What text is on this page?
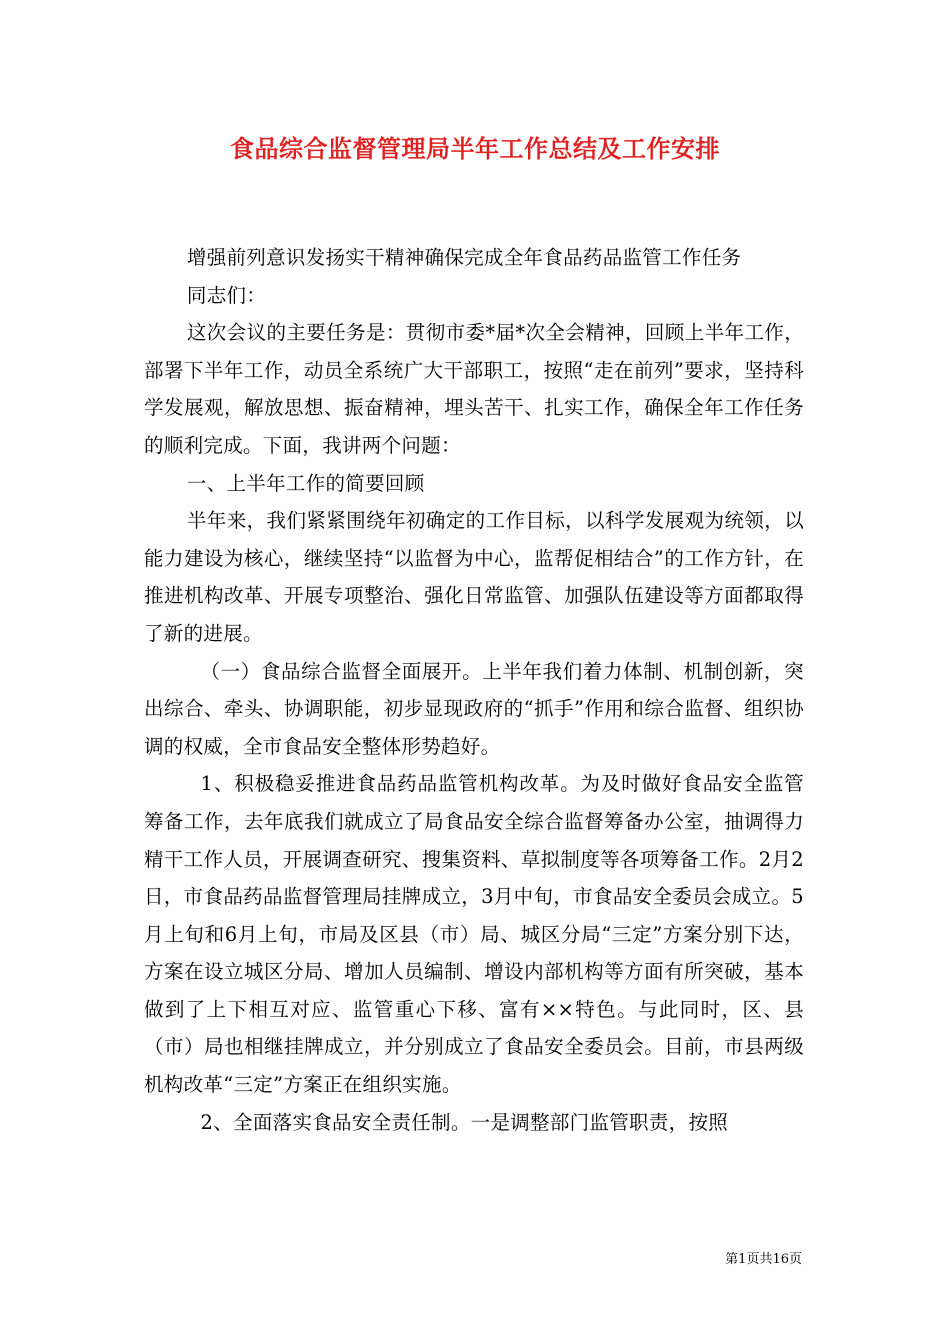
食品综合监督管理局半年工作总结及工作安排

增强前列意识发扬实干精神确保完成全年食品药品监管工作任务

同志们：

这次会议的主要任务是：贯彻市委*届*次全会精神，回顾上半年工作，部署下半年工作，动员全系统广大干部职工，按照“走在前列”要求，坚持科学发展观，解放思想、振奋精神，埋头苦干、扎实工作，确保全年工作任务的顺利完成。下面，我讲两个问题：

一、上半年工作的简要回顾

半年来，我们紧紧围绕年初确定的工作目标，以科学发展观为统领，以能力建设为核心，继续坚持“以监督为中心，监帮促相结合”的工作方针，在推进机构改革、开展专项整治、强化日常监管、加强队伍建设等方面都取得了新的进展。

（一）食品综合监督全面展开。上半年我们着力体制、机制创新，突出综合、牵头、协调职能，初步显现政府的“抓手”作用和综合监督、组织协调的权威，全市食品安全整体形势趋好。

1、积极稳妥推进食品药品监管机构改革。为及时做好食品安全监管筹备工作，去年底我们就成立了局食品安全综合监督筹备办公室，抽调得力精干工作人员，开展调查研究、搜集资料、草拟制度等各项筹备工作。2月2日，市食品药品监督管理局挂牌成立，3月中旬，市食品安全委员会成立。5月上旬和6月上旬，市局及区县（市）局、城区分局“三定”方案分别下达，方案在设立城区分局、增加人员编制、增设内部机构等方面有所突破，基本做到了上下相互对应、监管重心下移、富有××特色。与此同时，区、县（市）局也相继挂牌成立，并分别成立了食品安全委员会。目前，市县两级机构改革“三定”方案正在组织实施。

2、全面落实食品安全责任制。一是调整部门监管职责，按照

第1页共16页
